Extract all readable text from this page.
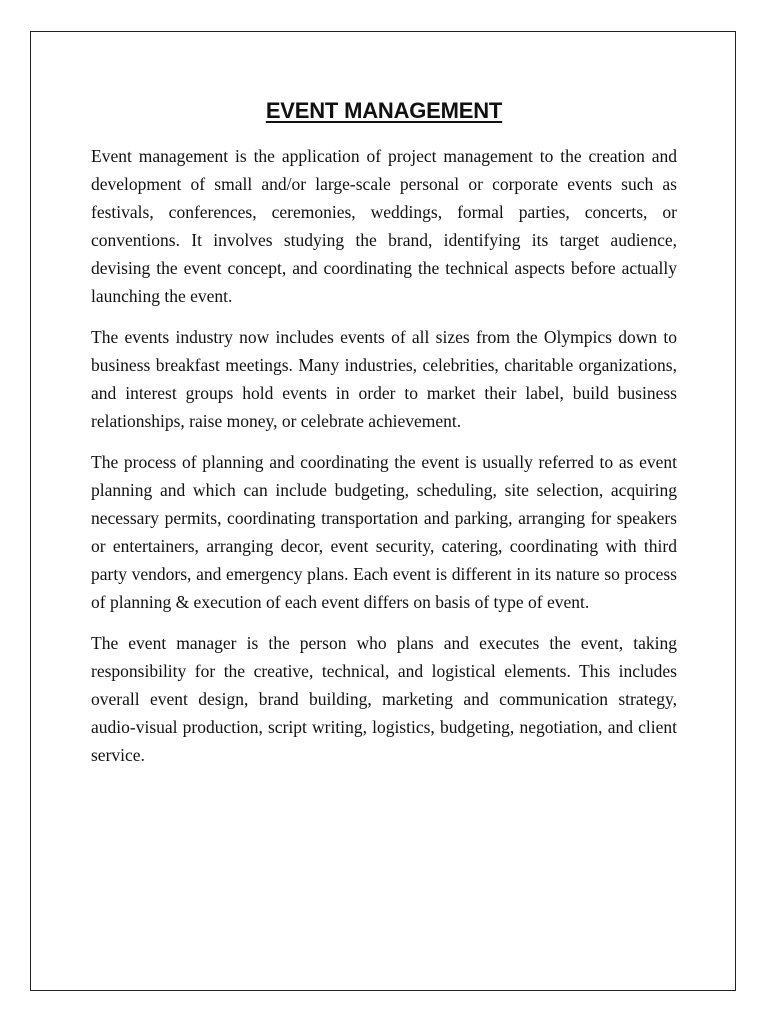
EVENT MANAGEMENT

Event management is the application of project management to the creation and development of small and/or large-scale personal or corporate events such as festivals, conferences, ceremonies, weddings, formal parties, concerts, or conventions. It involves studying the brand, identifying its target audience, devising the event concept, and coordinating the technical aspects before actually launching the event.

The events industry now includes events of all sizes from the Olympics down to business breakfast meetings. Many industries, celebrities, charitable organizations, and interest groups hold events in order to market their label, build business relationships, raise money, or celebrate achievement.

The process of planning and coordinating the event is usually referred to as event planning and which can include budgeting, scheduling, site selection, acquiring necessary permits, coordinating transportation and parking, arranging for speakers or entertainers, arranging decor, event security, catering, coordinating with third party vendors, and emergency plans. Each event is different in its nature so process of planning & execution of each event differs on basis of type of event.

The event manager is the person who plans and executes the event, taking responsibility for the creative, technical, and logistical elements. This includes overall event design, brand building, marketing and communication strategy, audio-visual production, script writing, logistics, budgeting, negotiation, and client service.
